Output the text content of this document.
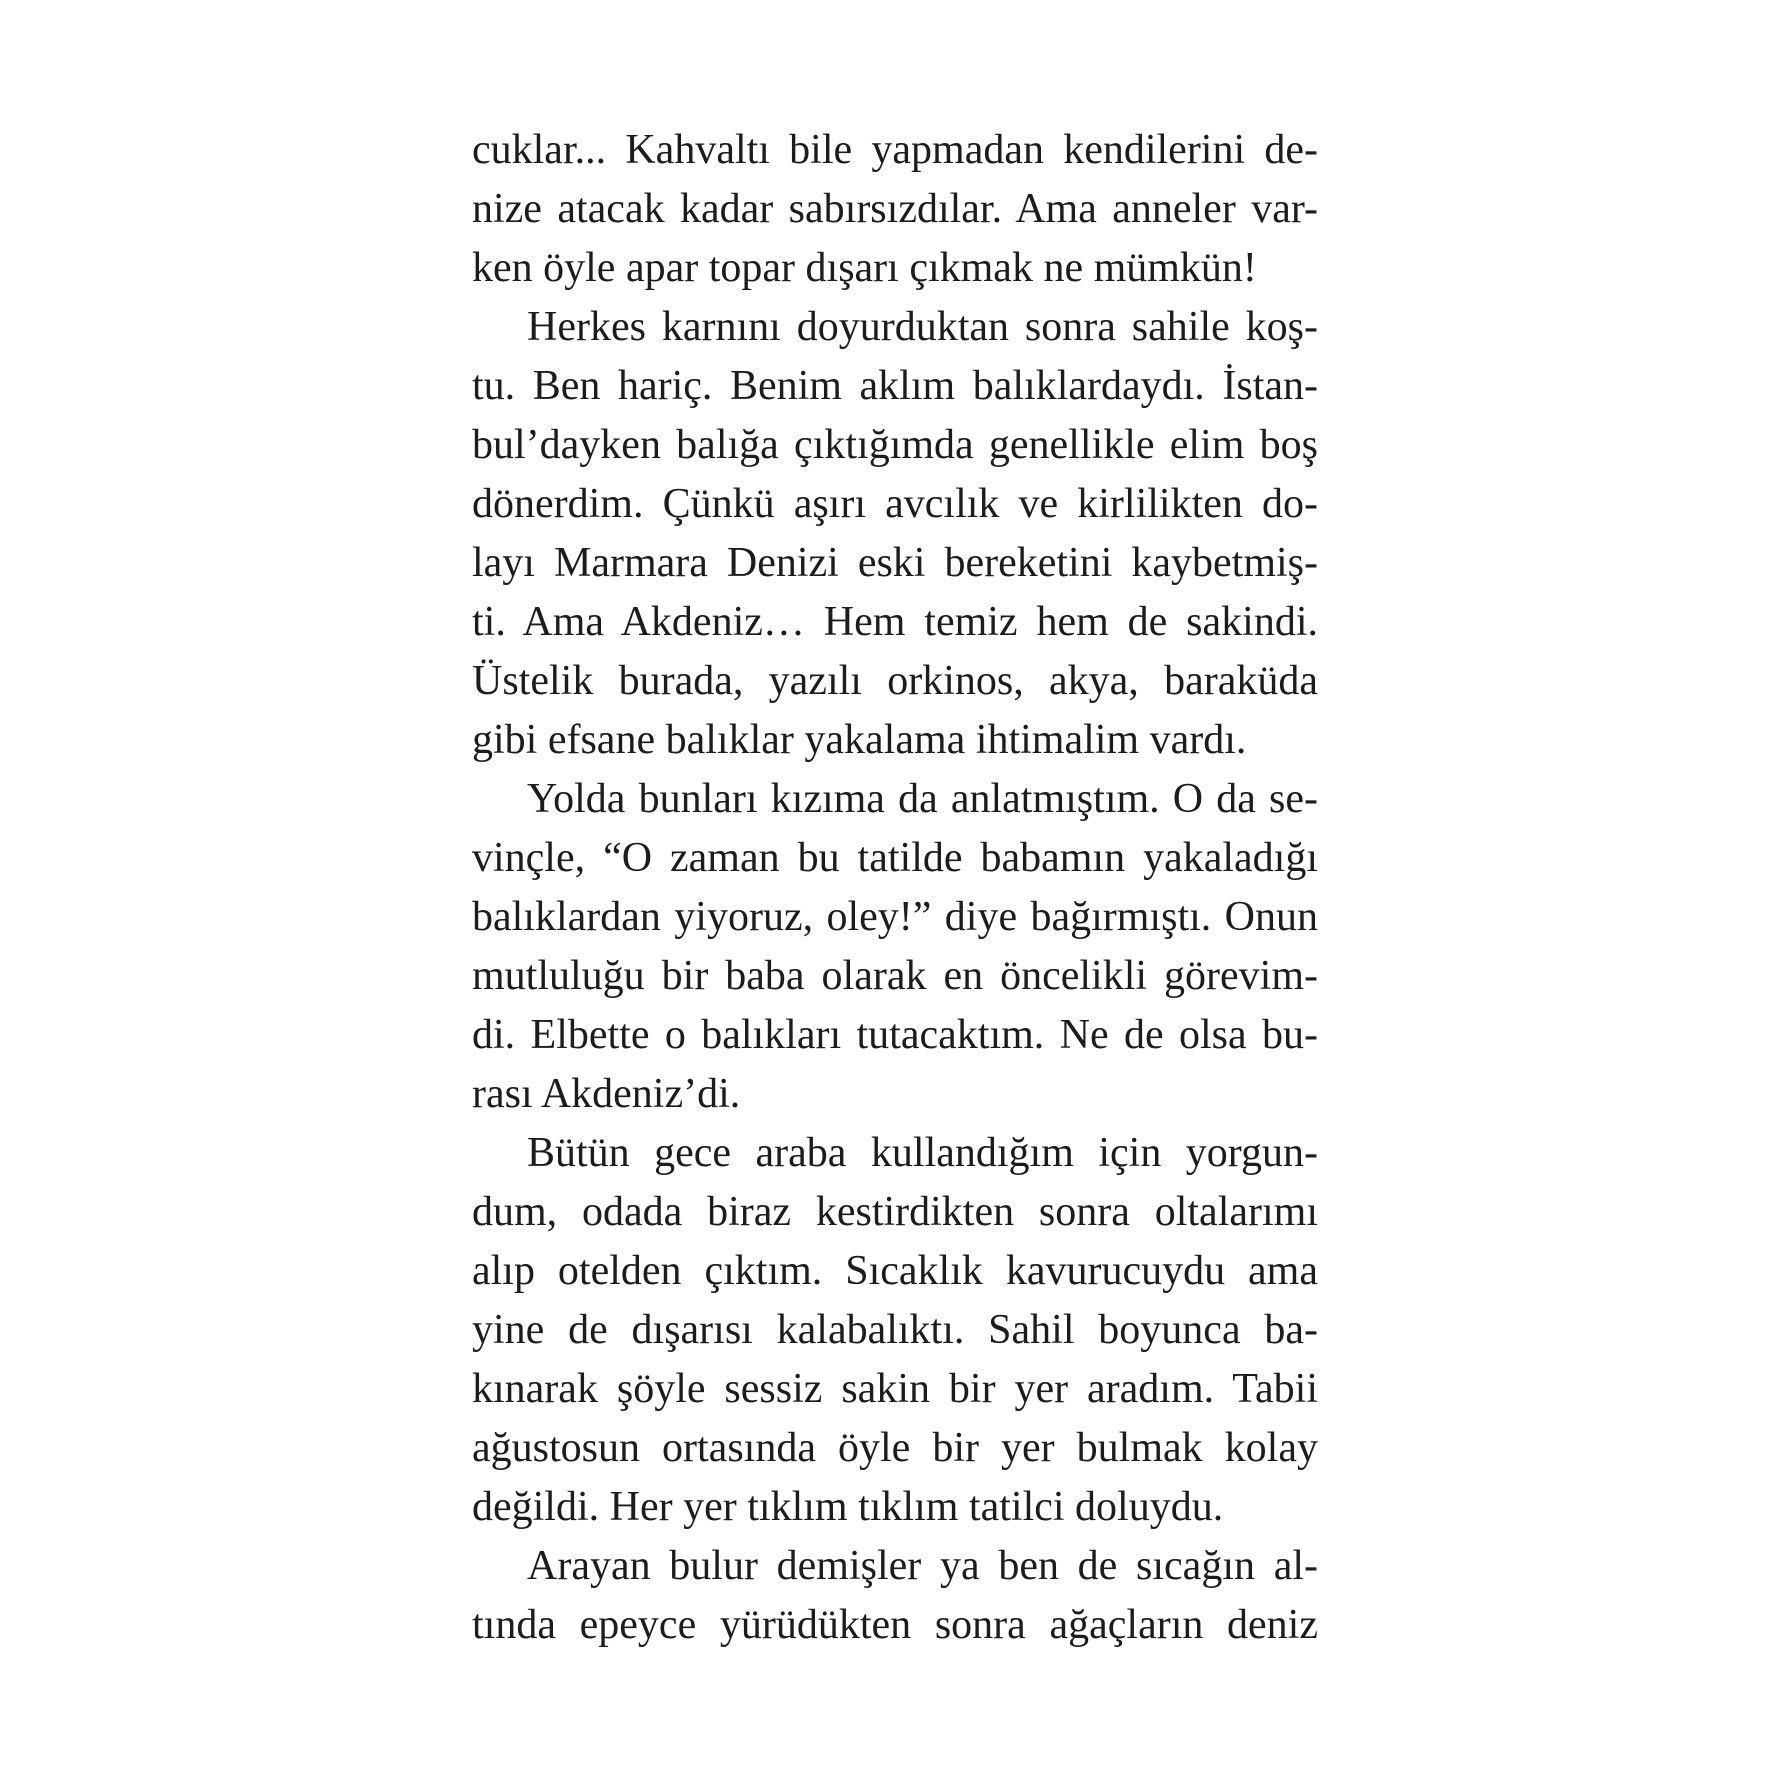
cuklar... Kahvaltı bile yapmadan kendilerini de-
nize atacak kadar sabırsızdılar. Ama anneler var-
ken öyle apar topar dışarı çıkmak ne mümkün!
Herkes karnını doyurduktan sonra sahile koş-
tu. Ben hariç. Benim aklım balıklardaydı. İstan-
bul’dayken balığa çıktığımda genellikle elim boş
dönerdim. Çünkü aşırı avcılık ve kirlilikten do-
layı Marmara Denizi eski bereketini kaybetmiş-
ti. Ama Akdeniz… Hem temiz hem de sakindi.
Üstelik burada, yazılı orkinos, akya, baraküda
gibi efsane balıklar yakalama ihtimalim vardı.
Yolda bunları kızıma da anlatmıştım. O da se-
vinçle, “O zaman bu tatilde babamın yakaladığı
balıklardan yiyoruz, oley!” diye bağırmıştı. Onun
mutluluğu bir baba olarak en öncelikli görevim-
di. Elbette o balıkları tutacaktım. Ne de olsa bu-
rası Akdeniz’di.
Bütün gece araba kullandığım için yorgun-
dum, odada biraz kestirdikten sonra oltalarımı
alıp otelden çıktım. Sıcaklık kavurucuydu ama
yine de dışarısı kalabalıktı. Sahil boyunca ba-
kınarak şöyle sessiz sakin bir yer aradım. Tabii
ağustosun ortasında öyle bir yer bulmak kolay
değildi. Her yer tıklım tıklım tatilci doluydu.
Arayan bulur demişler ya ben de sıcağın al-
tında epeyce yürüdükten sonra ağaçların deniz
